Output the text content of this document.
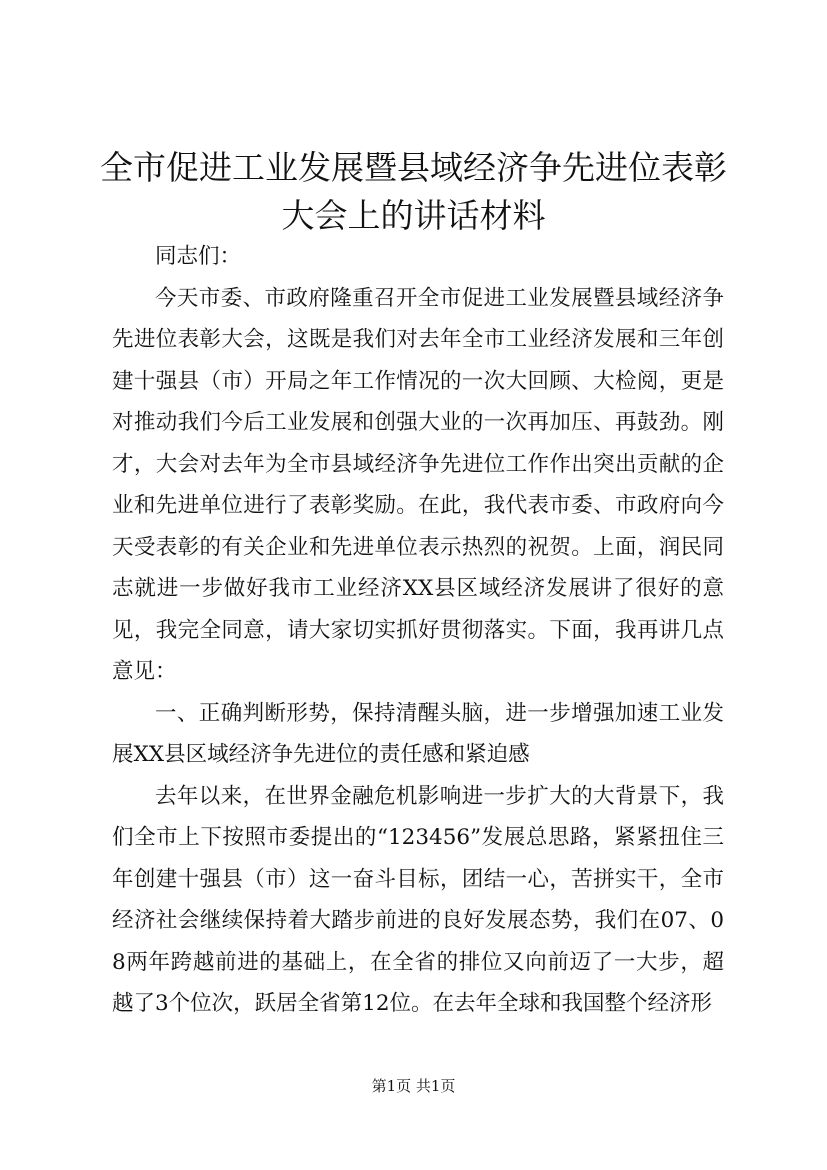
全市促进工业发展暨县域经济争先进位表彰大会上的讲话材料

同志们：

今天市委、市政府隆重召开全市促进工业发展暨县域经济争先进位表彰大会，这既是我们对去年全市工业经济发展和三年创建十强县（市）开局之年工作情况的一次大回顾、大检阅，更是对推动我们今后工业发展和创强大业的一次再加压、再鼓劲。刚才，大会对去年为全市县域经济争先进位工作作出突出贡献的企业和先进单位进行了表彰奖励。在此，我代表市委、市政府向今天受表彰的有关企业和先进单位表示热烈的祝贺。上面，润民同志就进一步做好我市工业经济XX县区域经济发展讲了很好的意见，我完全同意，请大家切实抓好贯彻落实。下面，我再讲几点意见：

一、正确判断形势，保持清醒头脑，进一步增强加速工业发展XX县区域经济争先进位的责任感和紧迫感

去年以来，在世界金融危机影响进一步扩大的大背景下，我们全市上下按照市委提出的“123456”发展总思路，紧紧扭住三年创建十强县（市）这一奋斗目标，团结一心，苦拼实干，全市经济社会继续保持着大踏步前进的良好发展态势，我们在07、08两年跨越前进的基础上，在全省的排位又向前迈了一大步，超越了3个位次，跃居全省第12位。在去年全球和我国整个经济形

第1页 共1页
